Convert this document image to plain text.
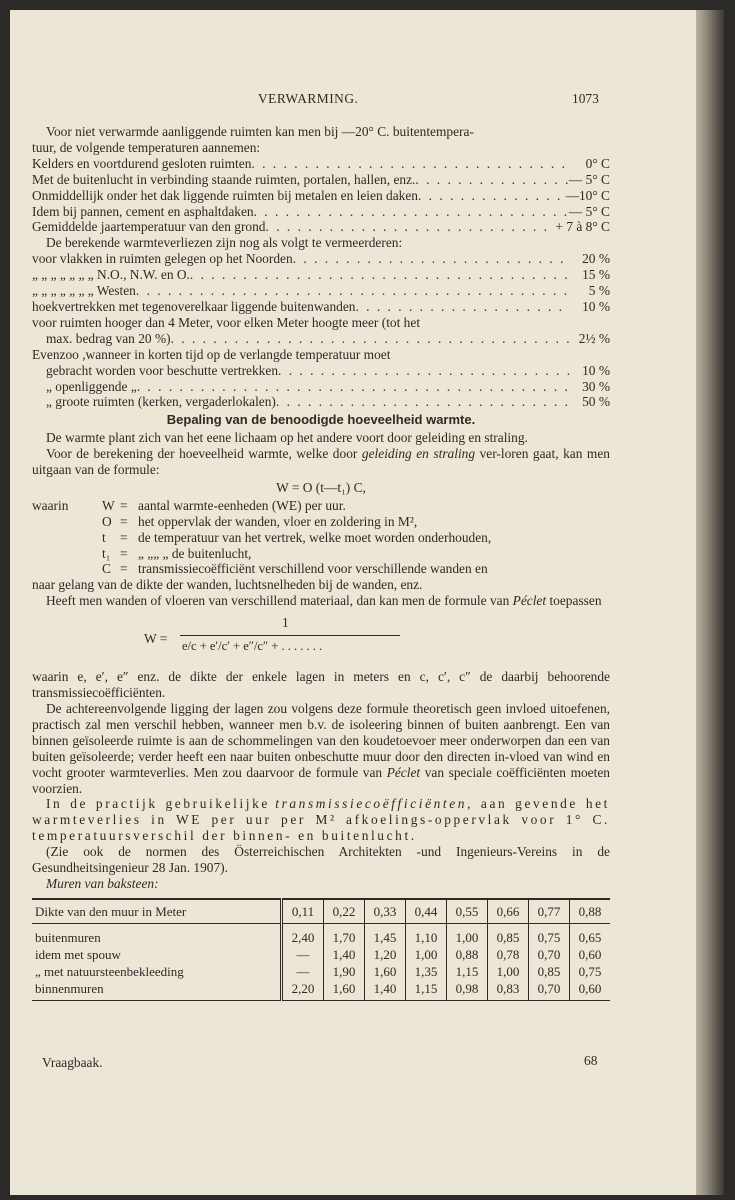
VERWARMING.	1073

Voor niet verwarmde aanliggende ruimten kan men bij —20° C. buitentempera-

tuur, de volgende temperaturen aannemen:

Kelders en voortdurend gesloten ruimten . . .	0° C
Met de buitenlucht in verbinding staande ruimten, portalen, hallen, enz. . . .	— 5° C
Onmiddellijk onder het dak liggende ruimten bij metalen en leien daken . . .	—10° C
Idem bij pannen, cement en asphaltdaken . . .	— 5° C
Gemiddelde jaartemperatuur van den grond . . .	+ 7 à 8° C

De berekende warmteverliezen zijn nog als volgt te vermeerderen:

voor vlakken in ruimten gelegen op het Noorden . . .	20 %
„ „ „ „ „ „ „ N.O., N.W. en O. . . .	15 %
„ „ „ „ „ „ „ Westen . . .	5 %
hoekvertrekken met tegenoverelkaar liggende buitenwanden . . .	10 %
voor ruimten hooger dan 4 Meter, voor elken Meter hoogte meer (tot het
max. bedrag van 20 %) . . .	2½ %
Evenzoo ,wanneer in korten tijd op de verlangde temperatuur moet
gebracht worden voor beschutte vertrekken . . .	10 %
„ openliggende „ . . .	30 %
„ groote ruimten (kerken, vergaderlokalen) . . .	50 %
Bepaling van de benoodigde hoeveelheid warmte.

De warmte plant zich van het eene lichaam op het andere voort door geleiding en straling.

Voor de berekening der hoeveelheid warmte, welke door geleiding en straling ver-loren gaat, kan men uitgaan van de formule:

W = O (t—t₁) C,
waarin	W = aantal warmte-eenheden (WE) per uur.
O = het oppervlak der wanden, vloer en zoldering in M²,
t	= de temperatuur van het vertrek, welke moet worden onderhouden,
t₁ = „ „„ „ de buitenlucht,
C = transmissiecoëfficiënt verschillend voor verschillende wanden en

naar gelang van de dikte der wanden, luchtsnelheden bij de wanden, enz.

Heeft men wanden of vloeren van verschillend materiaal, dan kan men de formule van Péclet toepassen

W =
1
e/c + e′/c′ + e″/c″ + . . . . . . .

waarin e, e′, e″ enz. de dikte der enkele lagen in meters en c, c′, c″ de daarbij behoorende transmissiecoëfficiënten.

De achtereenvolgende ligging der lagen zou volgens deze formule theoretisch geen invloed uitoefenen, practisch zal men verschil hebben, wanneer men b.v. de isoleering binnen of buiten aanbrengt. Een van binnen geïsoleerde ruimte is aan de schommelingen van den koudetoevoer meer onderworpen dan een van buiten geïsoleerde; verder heeft een naar buiten onbeschutte muur door den directen in-vloed van wind en vocht grooter warmteverlies. Men zou daarvoor de formule van Péclet van speciale coëfficiënten moeten voorzien.

In de practijk gebruikelijke transmissiecoëfficiënten, aan gevende het warmteverlies in WE per uur per M² afkoelings-oppervlak voor 1° C. temperatuursverschil der binnen- en buitenlucht.

(Zie ook de normen des Österreichischen Architekten -und Ingenieurs-Vereins in de Gesundheitsingenieur 28 Jan. 1907).

Muren van baksteen:

Dikte van den muur in Meter	0,11	0,22	0,33	0,44	0,55	0,66	0,77	0,88
buitenmuren	2,40	1,70	1,45	1,10	1,00	0,85	0,75	0,65
idem met spouw	—	1,40	1,20	1,00	0,88	0,78	0,70	0,60
„ met natuursteenbekleeding	—	1,90	1,60	1,35	1,15	1,00	0,85	0,75
binnenmuren	2,20	1,60	1,40	1,15	0,98	0,83	0,70	0,60
Vraagbaak.	68
